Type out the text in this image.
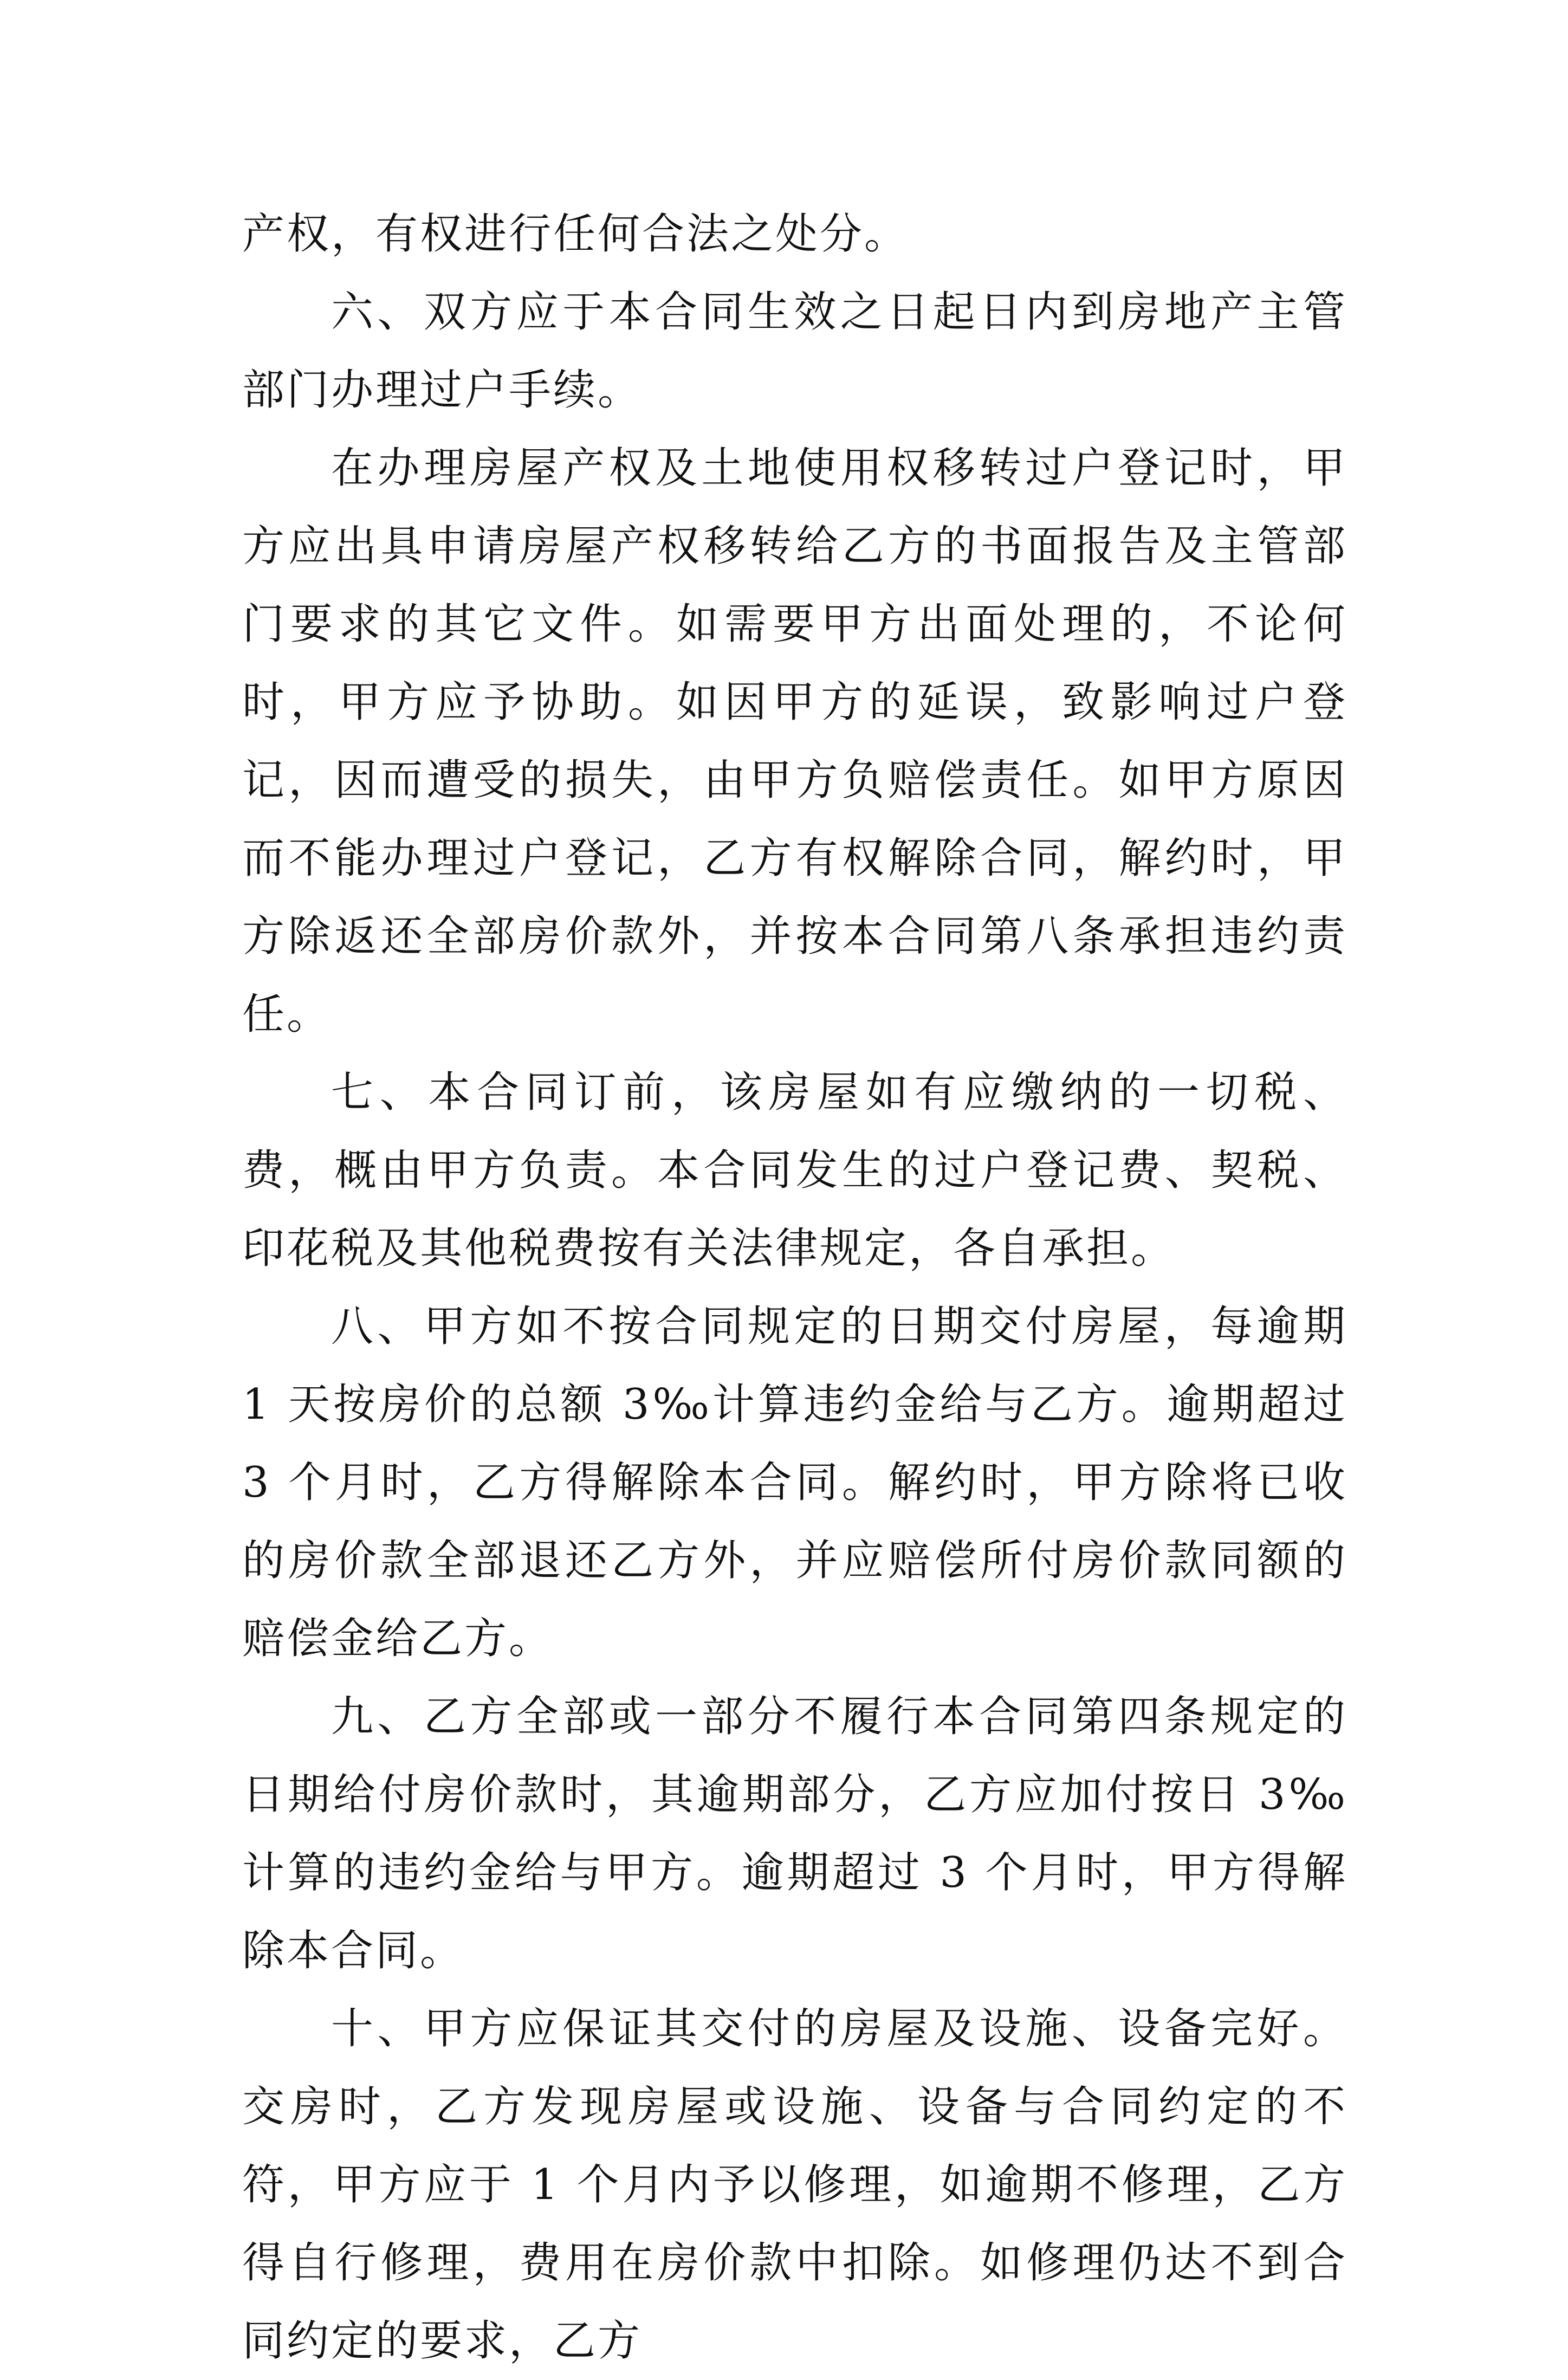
产权，有权进行任何合法之处分。

六、双方应于本合同生效之日起日内到房地产主管部门办理过户手续。

在办理房屋产权及土地使用权移转过户登记时，甲方应出具申请房屋产权移转给乙方的书面报告及主管部门要求的其它文件。如需要甲方出面处理的，不论何时，甲方应予协助。如因甲方的延误，致影响过户登记，因而遭受的损失，由甲方负赔偿责任。如甲方原因而不能办理过户登记，乙方有权解除合同，解约时，甲方除返还全部房价款外，并按本合同第八条承担违约责任。

七、本合同订前，该房屋如有应缴纳的一切税、费，概由甲方负责。本合同发生的过户登记费、契税、印花税及其他税费按有关法律规定，各自承担。

八、甲方如不按合同规定的日期交付房屋，每逾期 1 天按房价的总额 3‰计算违约金给与乙方。逾期超过 3 个月时，乙方得解除本合同。解约时，甲方除将已收的房价款全部退还乙方外，并应赔偿所付房价款同额的赔偿金给乙方。

九、乙方全部或一部分不履行本合同第四条规定的日期给付房价款时，其逾期部分，乙方应加付按日 3‰计算的违约金给与甲方。逾期超过 3 个月时，甲方得解除本合同。

十、甲方应保证其交付的房屋及设施、设备完好。交房时，乙方发现房屋或设施、设备与合同约定的不符，甲方应于 1 个月内予以修理，如逾期不修理，乙方得自行修理，费用在房价款中扣除。如修理仍达不到合同约定的要求，乙方
